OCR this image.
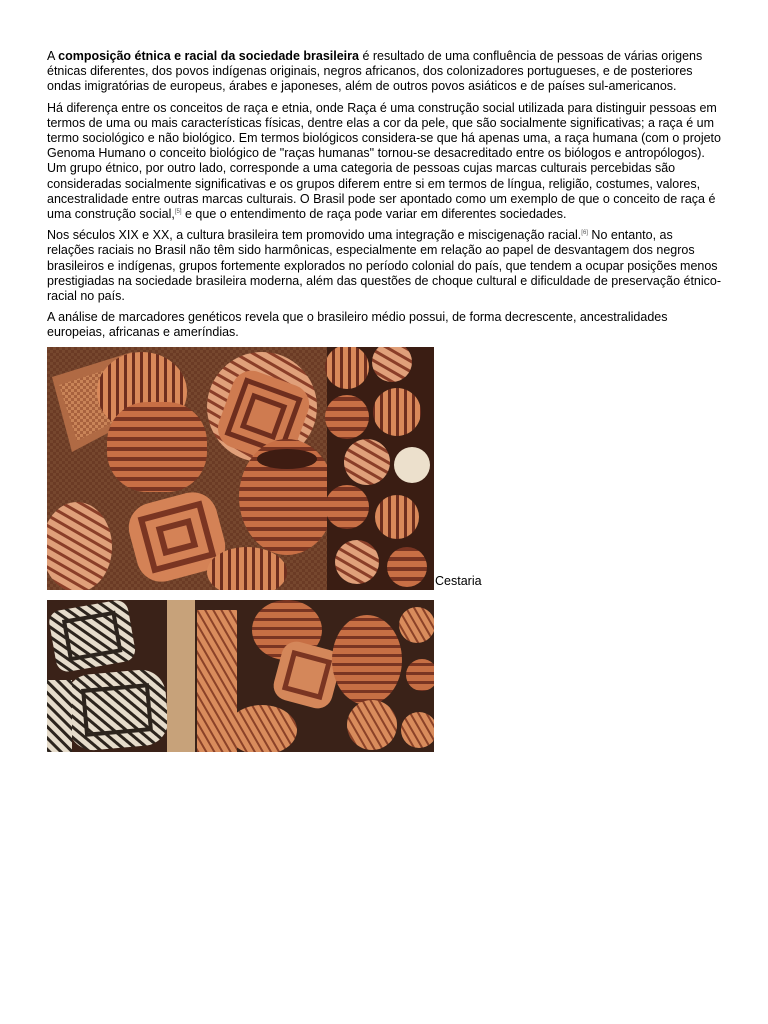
A composição étnica e racial da sociedade brasileira é resultado de uma confluência de pessoas de várias origens étnicas diferentes, dos povos indígenas originais, negros africanos, dos colonizadores portugueses, e de posteriores ondas imigratórias de europeus, árabes e japoneses, além de outros povos asiáticos e de países sul-americanos.

Há diferença entre os conceitos de raça e etnia, onde Raça é uma construção social utilizada para distinguir pessoas em termos de uma ou mais características físicas, dentre elas a cor da pele, que são socialmente significativas; a raça é um termo sociológico e não biológico. Em termos biológicos considera-se que há apenas uma, a raça humana (com o projeto Genoma Humano o conceito biológico de "raças humanas" tornou-se desacreditado entre os biólogos e antropólogos). Um grupo étnico, por outro lado, corresponde a uma categoria de pessoas cujas marcas culturais percebidas são consideradas socialmente significativas e os grupos diferem entre si em termos de língua, religião, costumes, valores, ancestralidade entre outras marcas culturais. O Brasil pode ser apontado como um exemplo de que o conceito de raça é uma construção social,[5] e que o entendimento de raça pode variar em diferentes sociedades.

Nos séculos XIX e XX, a cultura brasileira tem promovido uma integração e miscigenação racial.[6] No entanto, as relações raciais no Brasil não têm sido harmônicas, especialmente em relação ao papel de desvantagem dos negros brasileiros e indígenas, grupos fortemente explorados no período colonial do país, que tendem a ocupar posições menos prestigiadas na sociedade brasileira moderna, além das questões de choque cultural e dificuldade de preservação étnico-racial no país.

A análise de marcadores genéticos revela que o brasileiro médio possui, de forma decrescente, ancestralidades europeias, africanas e ameríndias.

Cestaria
